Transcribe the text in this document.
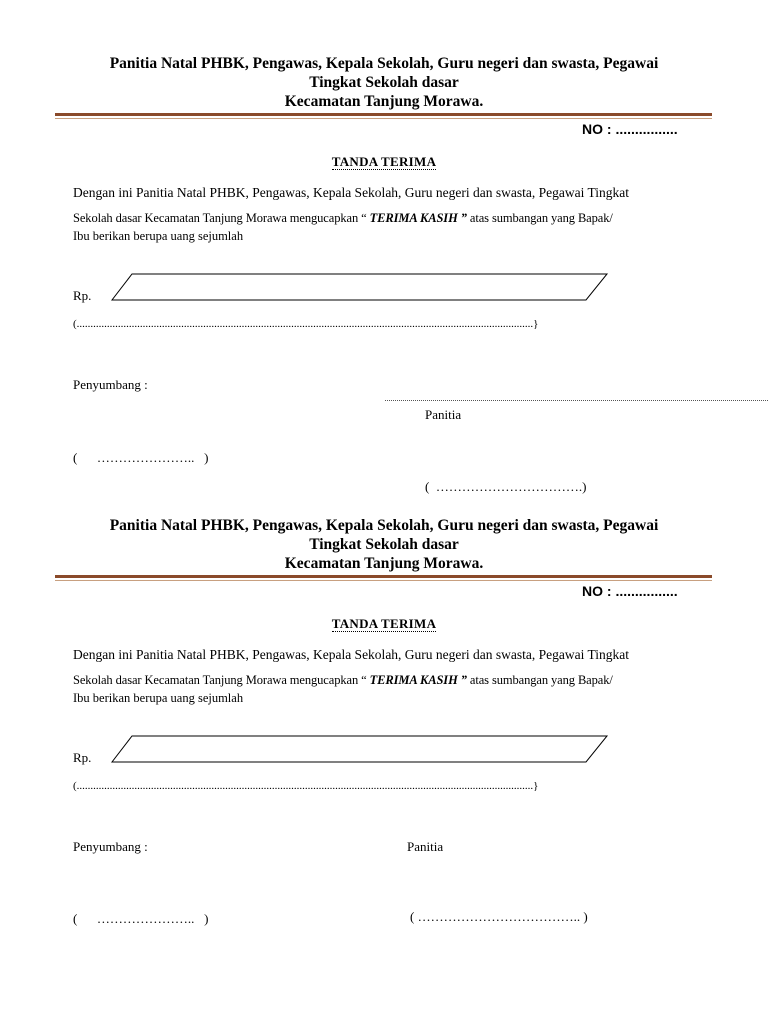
Panitia Natal PHBK, Pengawas, Kepala Sekolah, Guru negeri dan swasta, Pegawai
Tingkat Sekolah dasar
Kecamatan Tanjung Morawa.
NO : ................
TANDA TERIMA
Dengan ini Panitia Natal PHBK, Pengawas, Kepala Sekolah, Guru negeri dan swasta, Pegawai Tingkat
Sekolah dasar Kecamatan Tanjung Morawa mengucapkan “ TERIMA KASIH ” atas sumbangan yang Bapak/
Ibu berikan berupa uang sejumlah
Rp.
(......................................................................................................................................................................}
Penyumbang :
Panitia
(      …………………..   )
(  …………………………….)
Panitia Natal PHBK, Pengawas, Kepala Sekolah, Guru negeri dan swasta, Pegawai
Tingkat Sekolah dasar
Kecamatan Tanjung Morawa.
NO : ................
TANDA TERIMA
Dengan ini Panitia Natal PHBK, Pengawas, Kepala Sekolah, Guru negeri dan swasta, Pegawai Tingkat
Sekolah dasar Kecamatan Tanjung Morawa mengucapkan “ TERIMA KASIH ” atas sumbangan yang Bapak/
Ibu berikan berupa uang sejumlah
Rp.
(......................................................................................................................................................................}
Penyumbang :	Panitia
(      …………………..   )	( ……………………………….. )
